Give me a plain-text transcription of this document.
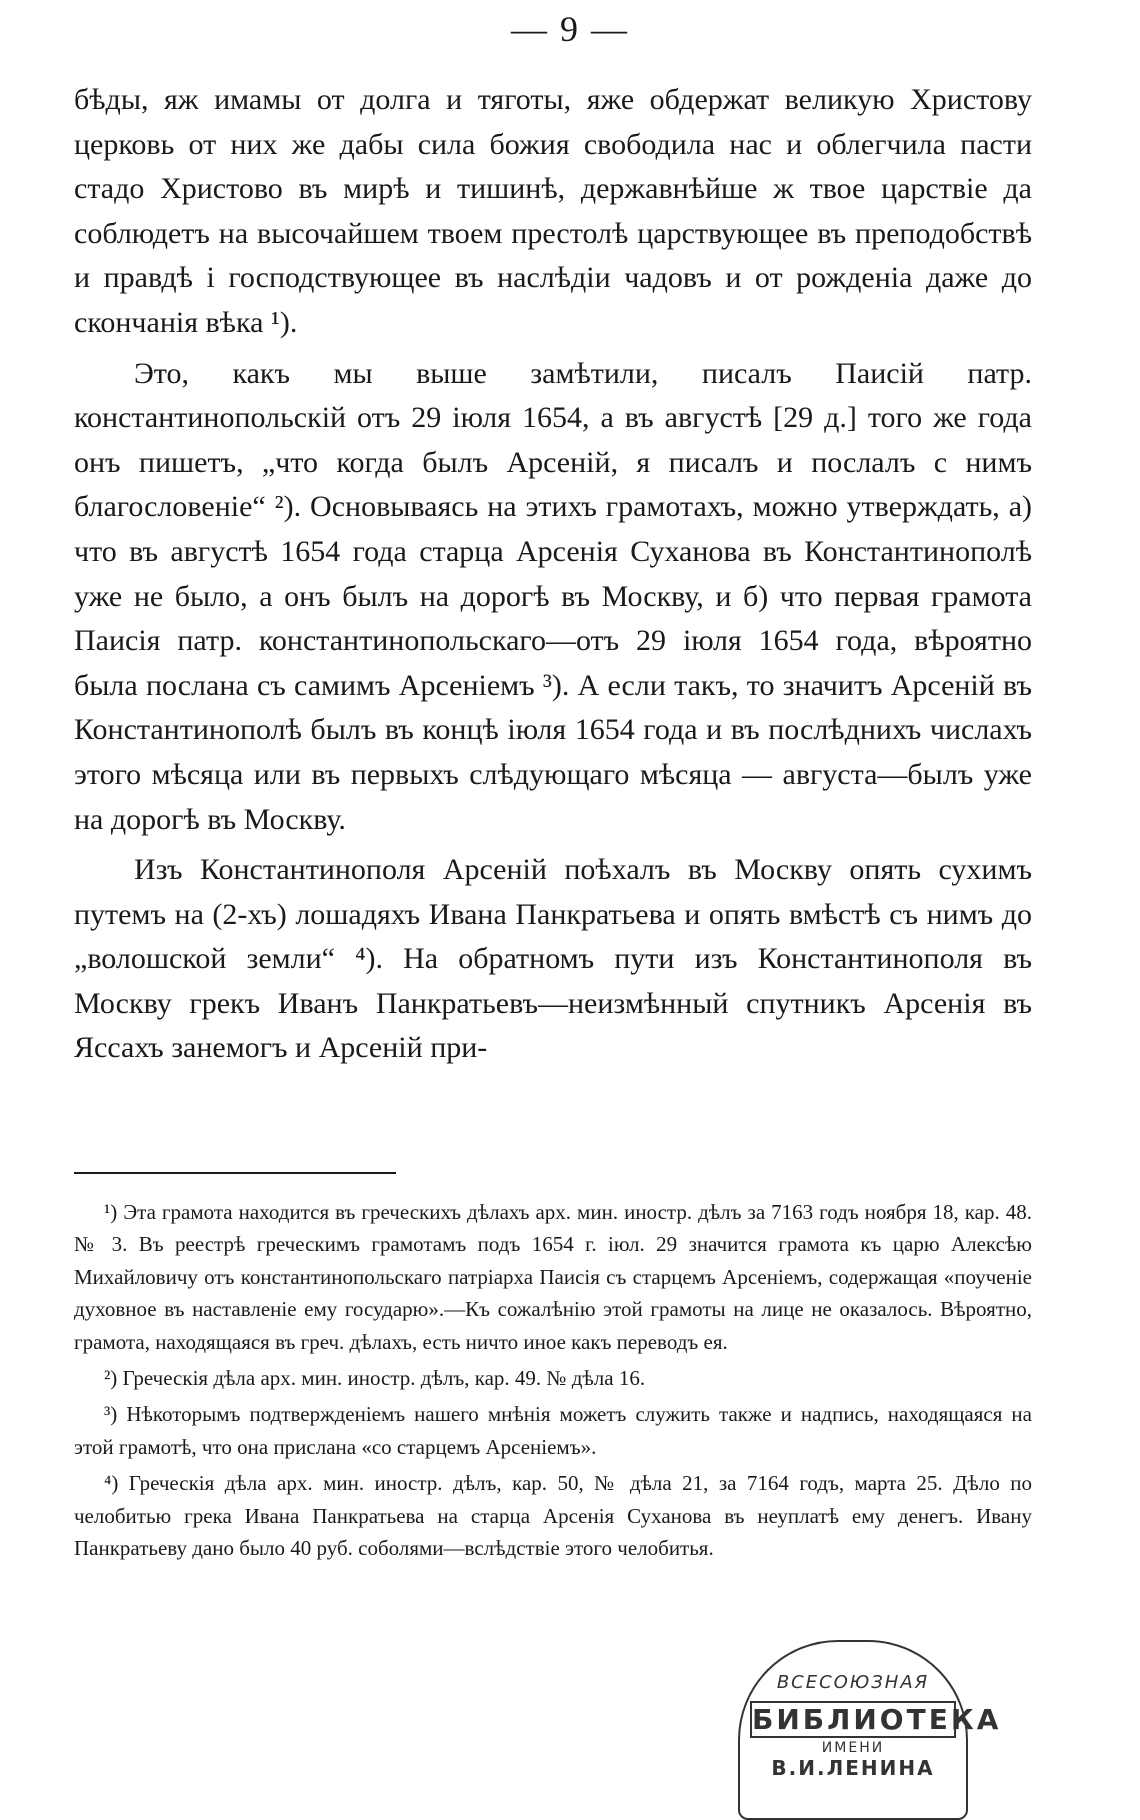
— 9 —

бѣды, яж имамы от долга и тяготы, яже обдержат великую Христову церковь от них же дабы сила божия свободила нас и облегчила пасти стадо Христово въ мирѣ и тишинѣ, державнѣйше ж твое царствіе да соблюдетъ на высочайшем твоем престолѣ царствующее въ преподобствѣ и правдѣ і господствующее въ наслѣдіи чадовъ и от рожденіа даже до скончанія вѣка ¹).

Это, какъ мы выше замѣтили, писалъ Паисій патр. константинопольскій отъ 29 іюля 1654, а въ августѣ [29 д.] того же года онъ пишетъ, „что когда былъ Арсеній, я писалъ и послалъ с нимъ благословеніе“ ²). Основываясь на этихъ грамотахъ, можно утверждать, а) что въ августѣ 1654 года старца Арсенія Суханова въ Константинополѣ уже не было, а онъ былъ на дорогѣ въ Москву, и б) что первая грамота Паисія патр. константинопольскаго—отъ 29 іюля 1654 года, вѣроятно была послана съ самимъ Арсеніемъ ³). А если такъ, то значитъ Арсеній въ Константинополѣ былъ въ концѣ іюля 1654 года и въ послѣднихъ числахъ этого мѣсяца или въ первыхъ слѣдующаго мѣсяца — августа—былъ уже на дорогѣ въ Москву.

Изъ Константинополя Арсеній поѣхалъ въ Москву опять сухимъ путемъ на (2-хъ) лошадяхъ Ивана Панкратьева и опять вмѣстѣ съ нимъ до „волошской земли“ ⁴). На обратномъ пути изъ Константинополя въ Москву грекъ Иванъ Панкратьевъ—неизмѣнный спутникъ Арсенія въ Яссахъ занемогъ и Арсеній при-

¹) Эта грамота находится въ греческихъ дѣлахъ арх. мин. иностр. дѣлъ за 7163 годъ ноября 18, кар. 48. № 3. Въ реестрѣ греческимъ грамотамъ подъ 1654 г. іюл. 29 значится грамота къ царю Алексѣю Михайловичу отъ константинопольскаго патріарха Паисія съ старцемъ Арсеніемъ, содержащая «поученіе духовное въ наставленіе ему государю».—Къ сожалѣнію этой грамоты на лице не оказалось. Вѣроятно, грамота, находящаяся въ греч. дѣлахъ, есть ничто иное какъ переводъ ея.

²) Греческія дѣла арх. мин. иностр. дѣлъ, кар. 49. № дѣла 16.

³) Нѣкоторымъ подтвержденіемъ нашего мнѣнія можетъ служить также и надпись, находящаяся на этой грамотѣ, что она прислана «со старцемъ Арсеніемъ».

⁴) Греческія дѣла арх. мин. иностр. дѣлъ, кар. 50, № дѣла 21, за 7164 годъ, марта 25. Дѣло по челобитью грека Ивана Панкратьева на старца Арсенія Суханова въ неуплатѣ ему денегъ. Ивану Панкратьеву дано было 40 руб. соболями—вслѣдствіе этого челобитья.

ВСЕСОЮЗНАЯ
БИБЛИОТЕКА
ИМЕНИ
В.И.ЛЕНИНА
